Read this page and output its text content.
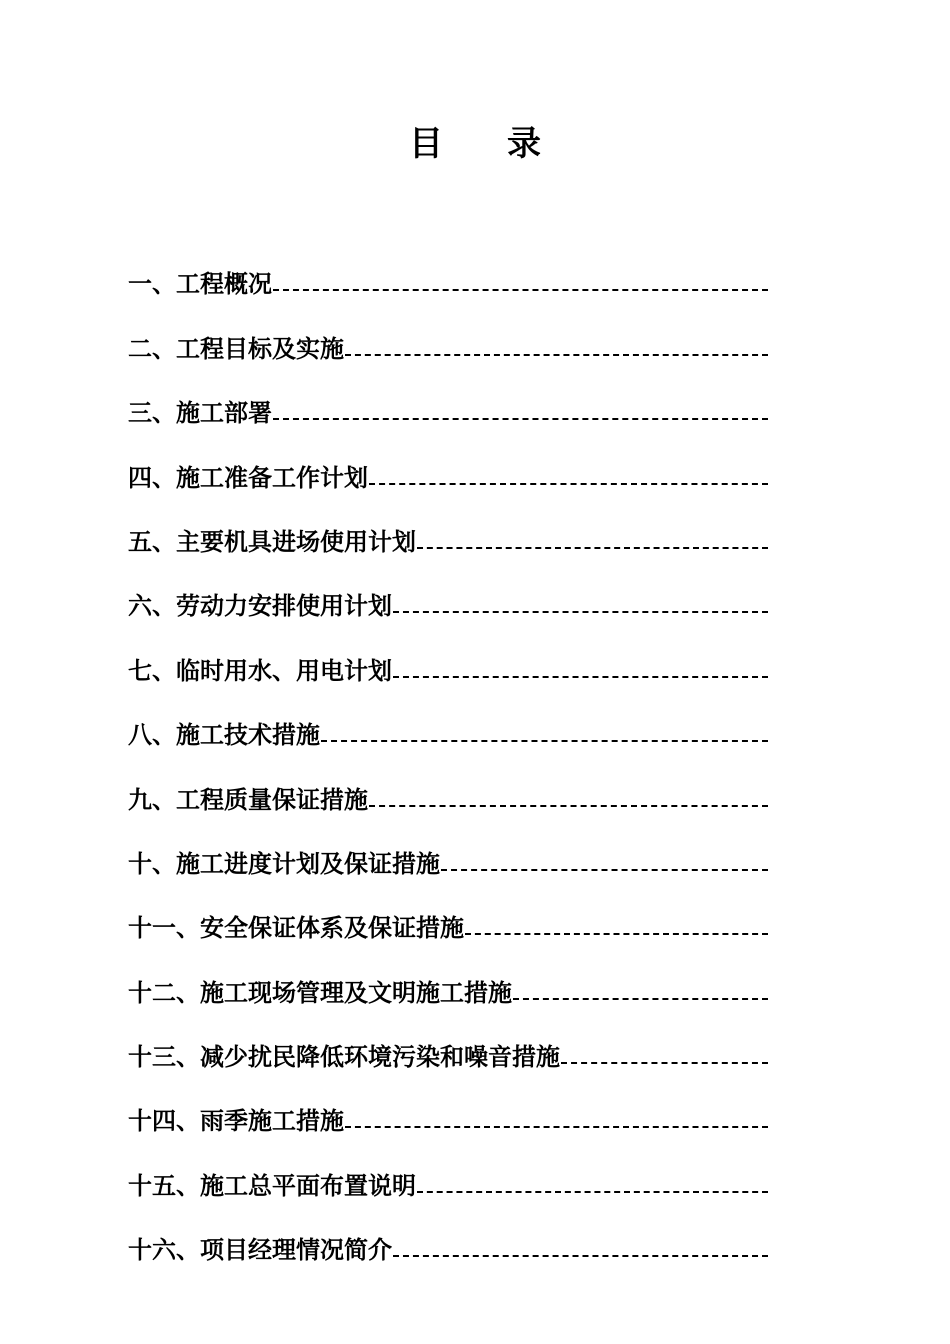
目录
一、工程概况
二、工程目标及实施
三、施工部署
四、施工准备工作计划
五、主要机具进场使用计划
六、劳动力安排使用计划
七、临时用水、用电计划
八、施工技术措施
九、工程质量保证措施
十、施工进度计划及保证措施
十一、安全保证体系及保证措施
十二、施工现场管理及文明施工措施
十三、减少扰民降低环境污染和噪音措施
十四、雨季施工措施
十五、施工总平面布置说明
十六、项目经理情况简介
